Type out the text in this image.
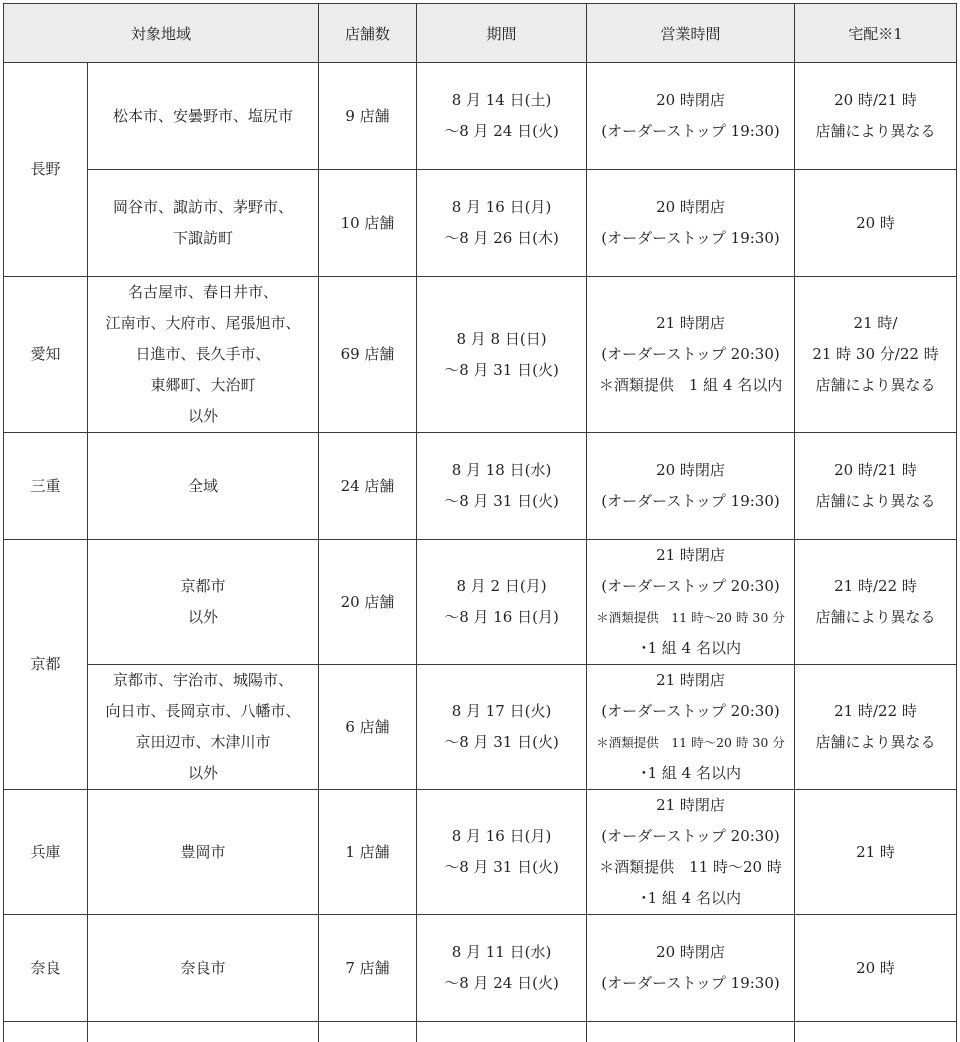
対象地域		店舗数	期間	営業時間	宅配※1

長野	松本市、安曇野市、塩尻市	9 店舗	8 月 14 日(土)
～8 月 24 日(火)	20 時閉店
(オーダーストップ 19:30)	20 時/21 時
店舗により異なる

	岡谷市、諏訪市、茅野市、
下諏訪町	10 店舗	8 月 16 日(月)
～8 月 26 日(木)	20 時閉店
(オーダーストップ 19:30)	20 時

愛知	名古屋市、春日井市、
江南市、大府市、尾張旭市、
日進市、長久手市、
東郷町、大治町
以外	69 店舗	8 月 8 日(日)
～8 月 31 日(火)	21 時閉店
(オーダーストップ 20:30)
＊酒類提供　1 組 4 名以内	21 時/
21 時 30 分/22 時
店舗により異なる

三重	全域	24 店舗	8 月 18 日(水)
～8 月 31 日(火)	20 時閉店
(オーダーストップ 19:30)	20 時/21 時
店舗により異なる

京都	京都市
以外	20 店舗	8 月 2 日(月)
～8 月 16 日(月)	21 時閉店
(オーダーストップ 20:30)
＊酒類提供　11 時～20 時 30 分
･1 組 4 名以内	21 時/22 時
店舗により異なる

	京都市、宇治市、城陽市、
向日市、長岡京市、八幡市、
京田辺市、木津川市
以外	6 店舗	8 月 17 日(火)
～8 月 31 日(火)	21 時閉店
(オーダーストップ 20:30)
＊酒類提供　11 時～20 時 30 分
･1 組 4 名以内	21 時/22 時
店舗により異なる

兵庫	豊岡市	1 店舗	8 月 16 日(月)
～8 月 31 日(火)	21 時閉店
(オーダーストップ 20:30)
＊酒類提供　11 時～20 時
･1 組 4 名以内	21 時

奈良	奈良市	7 店舗	8 月 11 日(水)
～8 月 24 日(火)	20 時閉店
(オーダーストップ 19:30)	20 時
